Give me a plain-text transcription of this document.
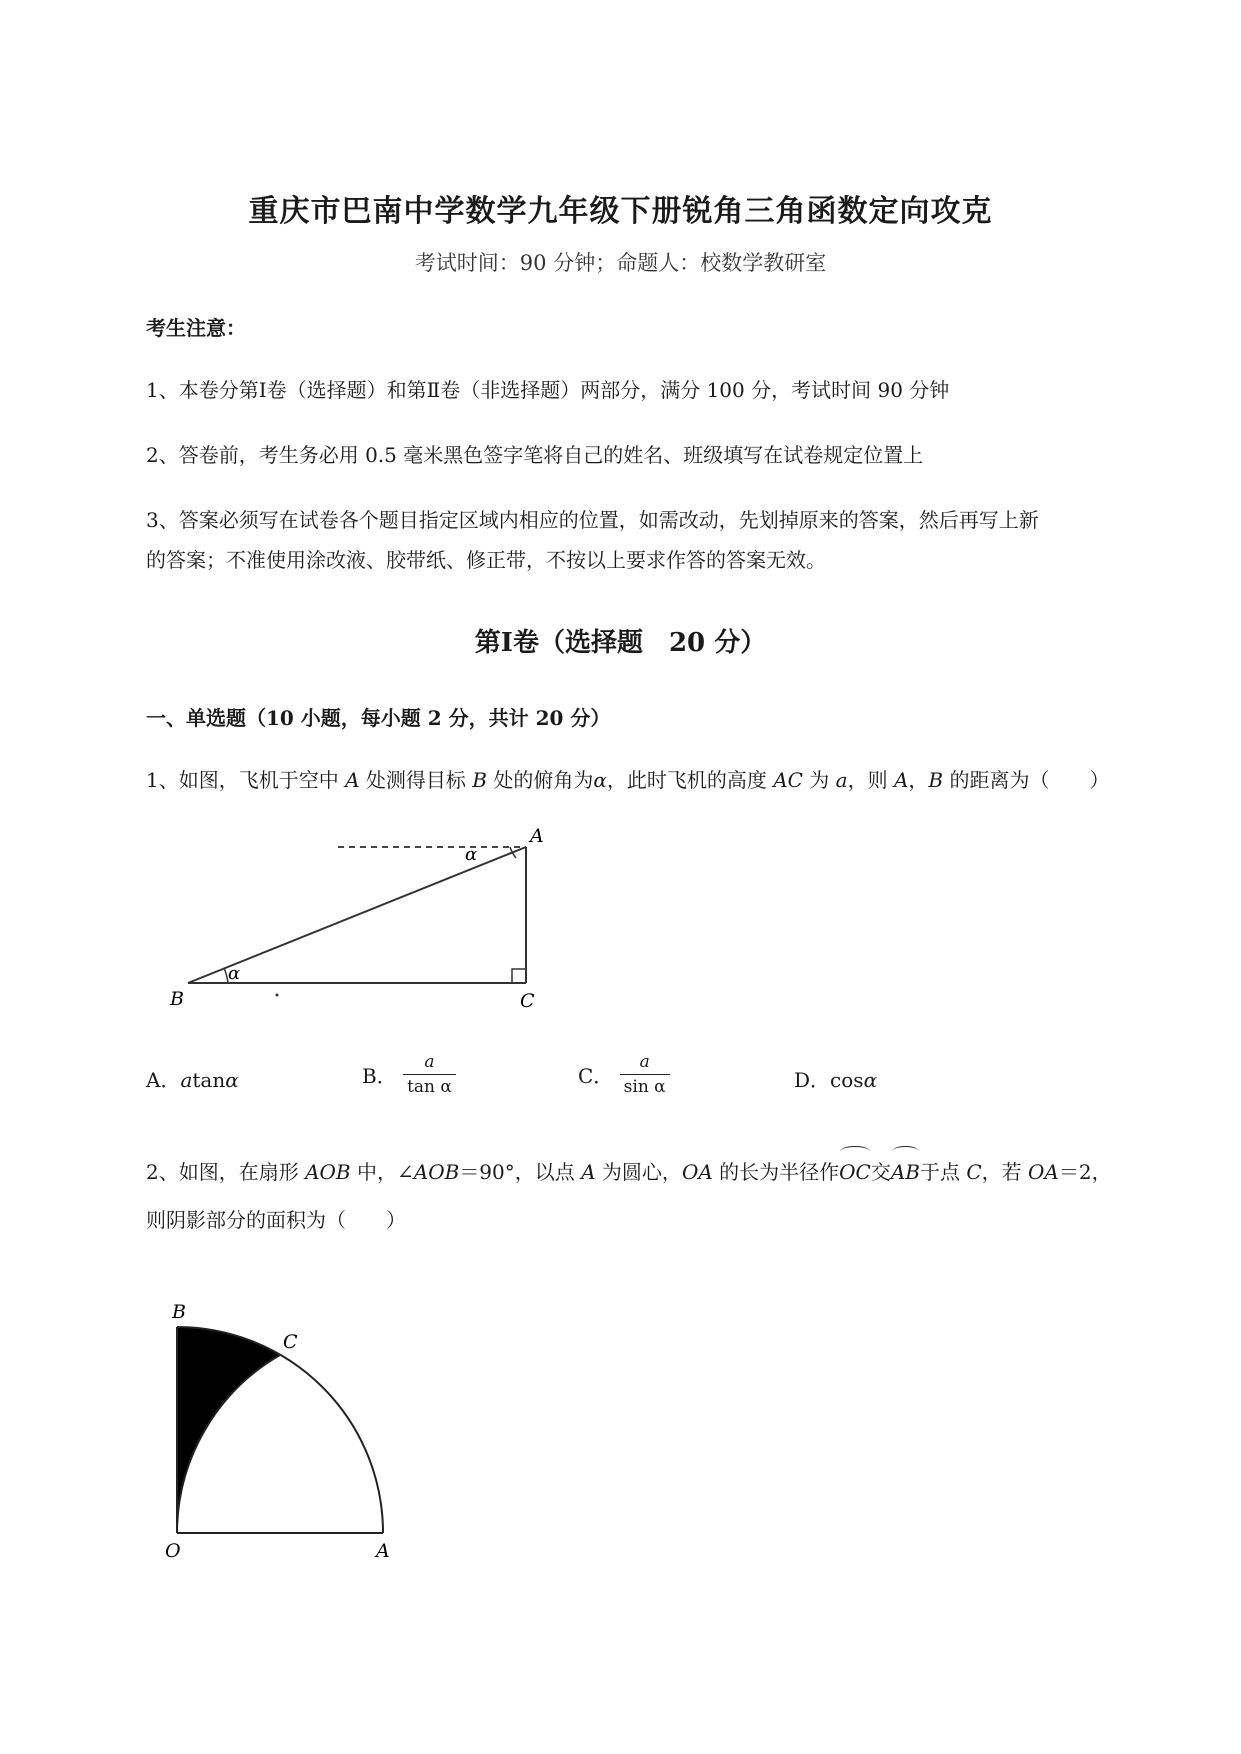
重庆市巴南中学数学九年级下册锐角三角函数定向攻克
考试时间：90 分钟；命题人：校数学教研室
考生注意：
1、本卷分第Ⅰ卷（选择题）和第Ⅱ卷（非选择题）两部分，满分 100 分，考试时间 90 分钟
2、答卷前，考生务必用 0.5 毫米黑色签字笔将自己的姓名、班级填写在试卷规定位置上
3、答案必须写在试卷各个题目指定区域内相应的位置，如需改动，先划掉原来的答案，然后再写上新
的答案；不准使用涂改液、胶带纸、修正带，不按以上要求作答的答案无效。
第Ⅰ卷（选择题　20 分）
一、单选题（10 小题，每小题 2 分，共计 20 分）
1、如图，飞机于空中 A 处测得目标 B 处的俯角为α，此时飞机的高度 AC 为 a，则 A，B 的距离为（　　）
A
B	C
α
α
A．atanα	B． $\frac{a}{\text{tan α}}$	C． $\frac{a}{\text{sin α}}$	D．cosα
2、如图，在扇形 AOB 中，∠AOB＝90°，以点 A 为圆心，OA 的长为半径作OC交AB于点 C，若 OA＝2，
则阴影部分的面积为（　　）
B
C
O	A
